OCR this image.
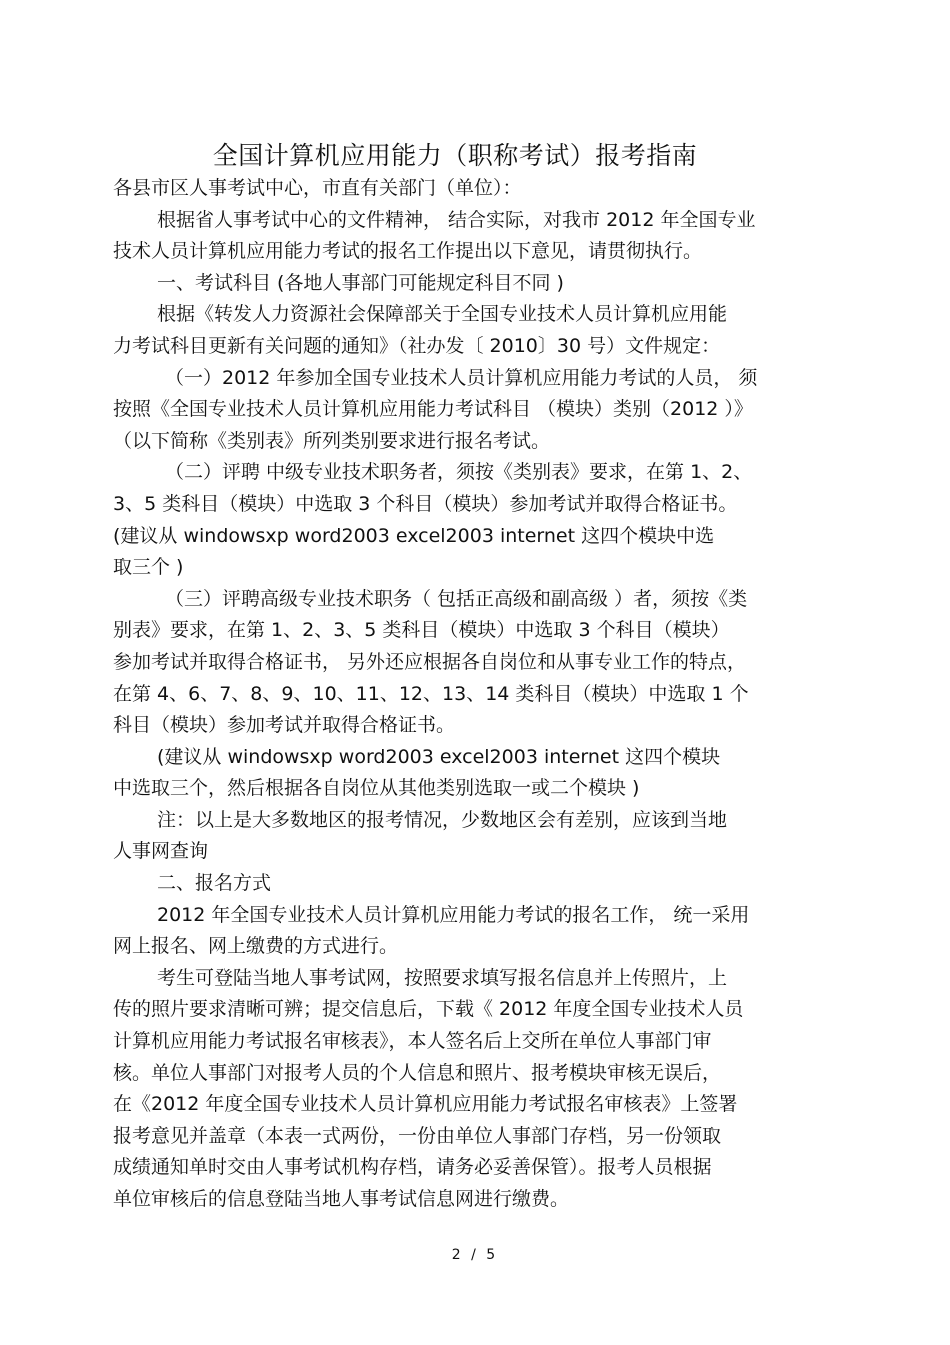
全国计算机应用能力（职称考试）报考指南
各县市区人事考试中心，市直有关部门（单位）：
根据省人事考试中心的文件精神， 结合实际，对我市 2012 年全国专业
技术人员计算机应用能力考试的报名工作提出以下意见，请贯彻执行。
一、考试科目 (各地人事部门可能规定科目不同 )
根据《转发人力资源社会保障部关于全国专业技术人员计算机应用能
力考试科目更新有关问题的通知》（社办发〔 2010〕30 号）文件规定：
（一）2012 年参加全国专业技术人员计算机应用能力考试的人员， 须
按照《全国专业技术人员计算机应用能力考试科目 （模块）类别（2012 ）》
（以下简称《类别表》所列类别要求进行报名考试。
（二）评聘 中级专业技术职务者，须按《类别表》要求，在第 1、2、
3、5 类科目（模块）中选取 3 个科目（模块）参加考试并取得合格证书。
(建议从 windowsxp word2003 excel2003 internet 这四个模块中选
取三个 )
（三）评聘高级专业技术职务（ 包括正高级和副高级 ）者，须按《类
别表》要求，在第 1、2、3、5 类科目（模块）中选取 3 个科目（模块）
参加考试并取得合格证书， 另外还应根据各自岗位和从事专业工作的特点，
在第 4、6、7、8、9、10、11、12、13、14 类科目（模块）中选取 1 个
科目（模块）参加考试并取得合格证书。
(建议从 windowsxp word2003 excel2003 internet 这四个模块
中选取三个，然后根据各自岗位从其他类别选取一或二个模块 )
注：以上是大多数地区的报考情况，少数地区会有差别，应该到当地
人事网查询
二、报名方式
2012 年全国专业技术人员计算机应用能力考试的报名工作， 统一采用
网上报名、网上缴费的方式进行。
考生可登陆当地人事考试网，按照要求填写报名信息并上传照片，上
传的照片要求清晰可辨；提交信息后，下载《 2012 年度全国专业技术人员
计算机应用能力考试报名审核表》，本人签名后上交所在单位人事部门审
核。单位人事部门对报考人员的个人信息和照片、报考模块审核无误后，
在《2012 年度全国专业技术人员计算机应用能力考试报名审核表》上签署
报考意见并盖章（本表一式两份，一份由单位人事部门存档，另一份领取
成绩通知单时交由人事考试机构存档，请务必妥善保管）。报考人员根据
单位审核后的信息登陆当地人事考试信息网进行缴费。
2 / 5
